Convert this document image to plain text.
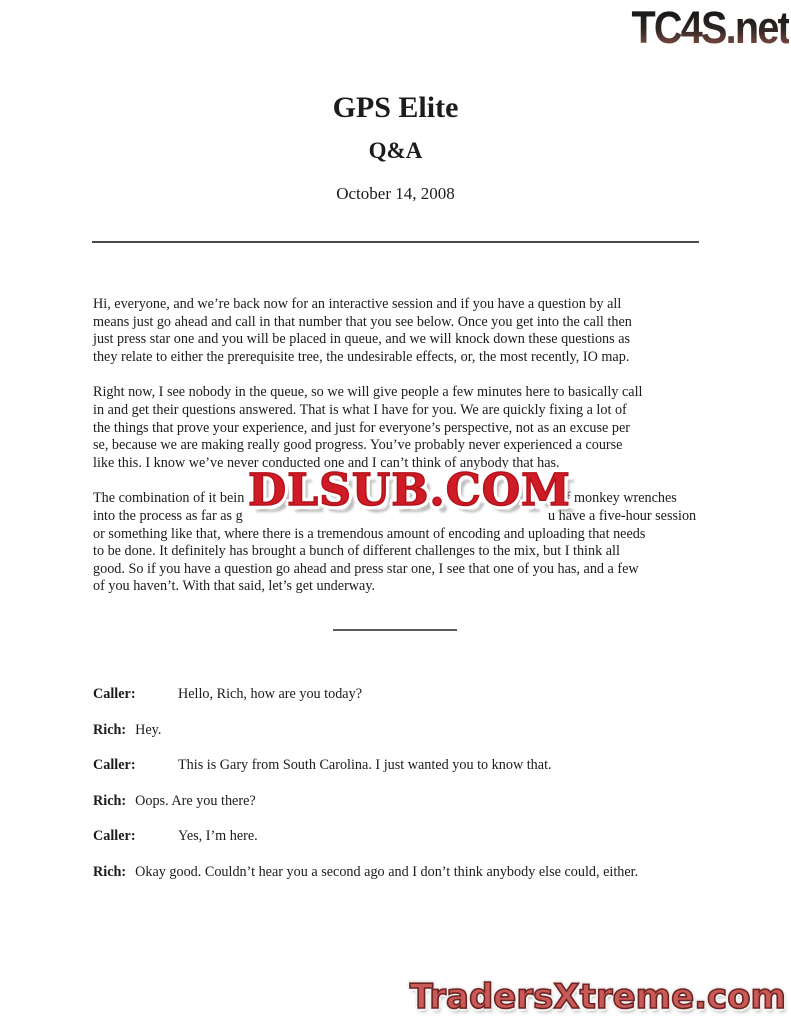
TC4S.net
GPS Elite
Q&A
October 14, 2008
Hi, everyone, and we’re back now for an interactive session and if you have a question by all
means just go ahead and call in that number that you see below. Once you get into the call then
just press star one and you will be placed in queue, and we will knock down these questions as
they relate to either the prerequisite tree, the undesirable effects, or, the most recently, IO map.
Right now, I see nobody in the queue, so we will give people a few minutes here to basically call
in and get their questions answered. That is what I have for you. We are quickly fixing a lot of
the things that prove your experience, and just for everyone’s perspective, not as an excuse per
se, because we are making really good progress. You’ve probably never experienced a course
like this. I know we’ve never conducted one and I can’t think of anybody that has.
The combination of it bein	h of monkey wrenches
into the process as far as g	u have a five-hour session
or something like that, where there is a tremendous amount of encoding and uploading that needs
to be done. It definitely has brought a bunch of different challenges to the mix, but I think all
good. So if you have a question go ahead and press star one, I see that one of you has, and a few
of you haven’t. With that said, let’s get underway.
DLSUB.COM
Caller:	Hello, Rich, how are you today?
Rich: Hey.
Caller:	This is Gary from South Carolina. I just wanted you to know that.
Rich: Oops. Are you there?
Caller:	Yes, I’m here.
Rich: Okay good. Couldn’t hear you a second ago and I don’t think anybody else could, either.
TradersXtreme.com
